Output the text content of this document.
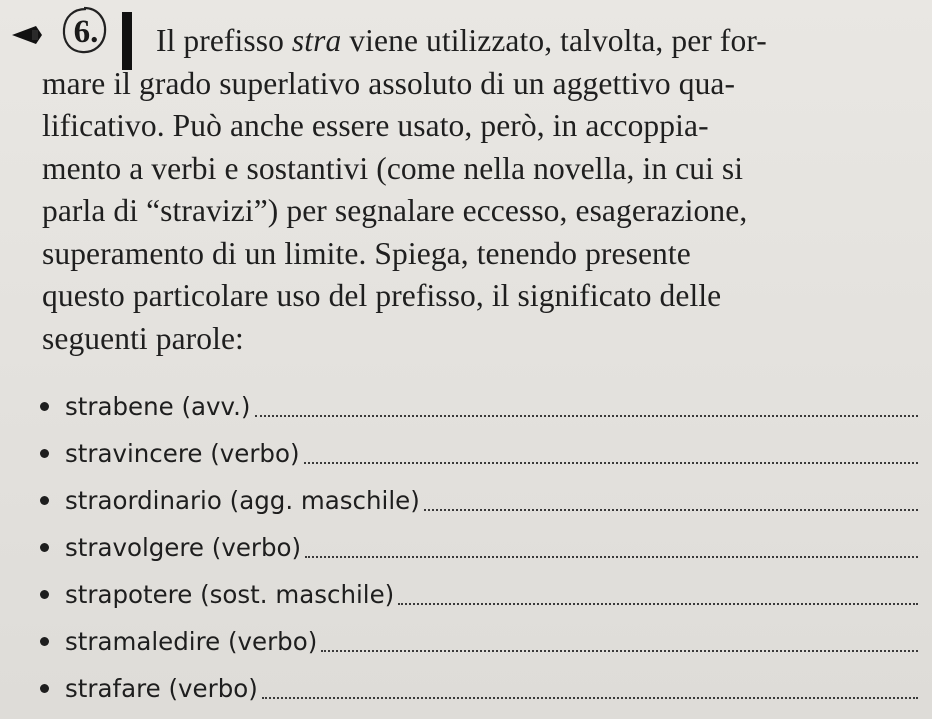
6.	Il prefisso stra viene utilizzato, talvolta, per for-
mare il grado superlativo assoluto di un aggettivo qua-
lificativo. Può anche essere usato, però, in accoppia-
mento a verbi e sostantivi (come nella novella, in cui si
parla di “stravizi”) per segnalare eccesso, esagerazione,
superamento di un limite. Spiega, tenendo presente
questo particolare uso del prefisso, il significato delle
seguenti parole:
strabene (avv.)
stravincere (verbo)
straordinario (agg. maschile)
stravolgere (verbo)
strapotere (sost. maschile)
stramaledire (verbo)
strafare (verbo)
